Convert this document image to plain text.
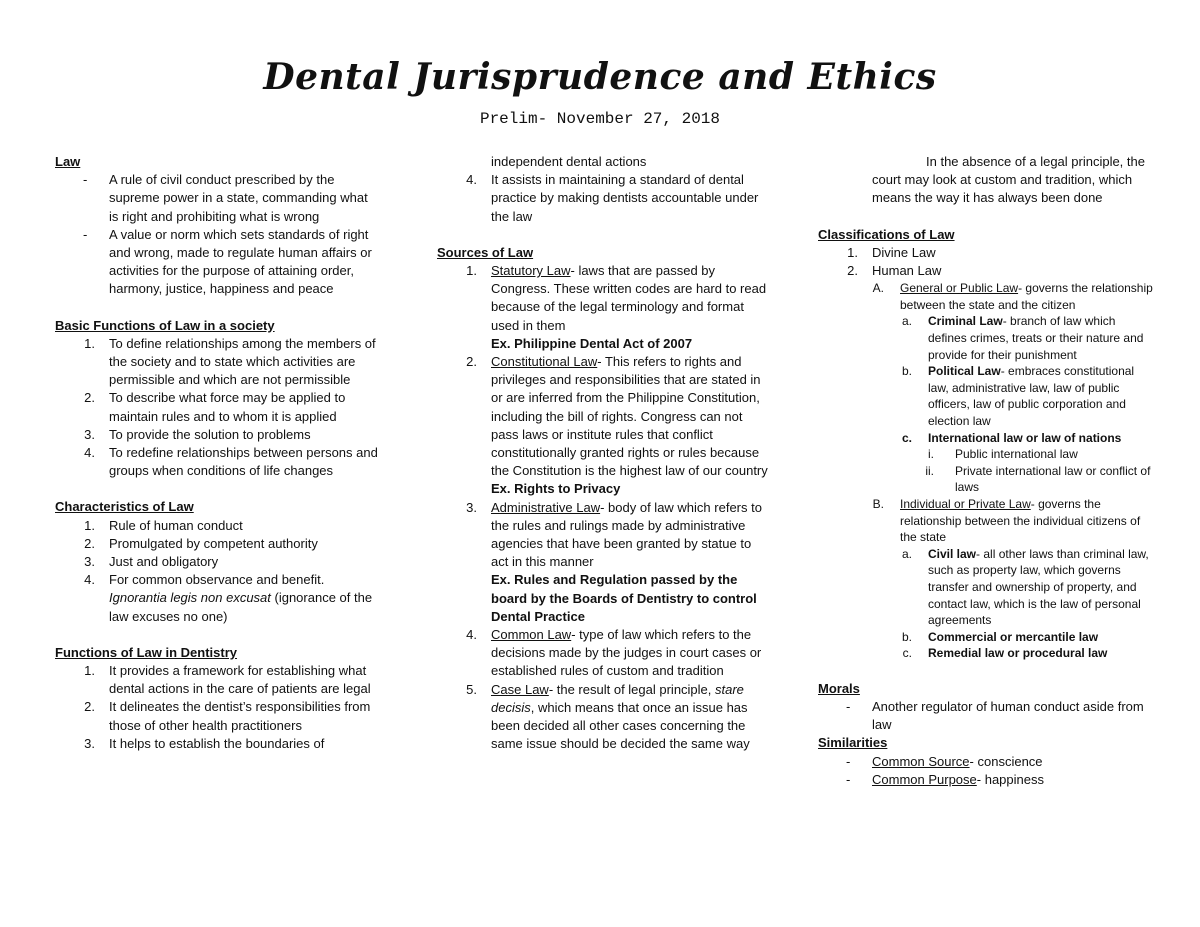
Dental Jurisprudence and Ethics
Prelim- November 27, 2018

Law

- A rule of civil conduct prescribed by the supreme power in a state, commanding what is right and prohibiting what is wrong
- A value or norm which sets standards of right and wrong, made to regulate human affairs or activities for the purpose of attaining order, harmony, justice, happiness and peace

Basic Functions of Law in a society

1. To define relationships among the members of the society and to state which activities are permissible and which are not permissible
2. To describe what force may be applied to maintain rules and to whom it is applied
3. To provide the solution to problems
4. To redefine relationships between persons and groups when conditions of life changes

Characteristics of Law

1. Rule of human conduct
2. Promulgated by competent authority
3. Just and obligatory
4. For common observance and benefit.
Ignorantia legis non excusat (ignorance of the law excuses no one)

Functions of Law in Dentistry

1. It provides a framework for establishing what dental actions in the care of patients are legal
2. It delineates the dentist’s responsibilities from those of other health practitioners
3. It helps to establish the boundaries of
independent dental actions
4. It assists in maintaining a standard of dental practice by making dentists accountable under the law

Sources of Law

1. Statutory Law- laws that are passed by Congress. These written codes are hard to read because of the legal terminology and format used in them
Ex. Philippine Dental Act of 2007
2. Constitutional Law- This refers to rights and privileges and responsibilities that are stated in or are inferred from the Philippine Constitution, including the bill of rights. Congress can not pass laws or institute rules that conflict constitutionally granted rights or rules because the Constitution is the highest law of our country
Ex. Rights to Privacy
3. Administrative Law- body of law which refers to the rules and rulings made by administrative agencies that have been granted by statue to act in this manner
Ex. Rules and Regulation passed by the board by the Boards of Dentistry to control Dental Practice
4. Common Law- type of law which refers to the decisions made by the judges in court cases or established rules of custom and tradition
5. Case Law- the result of legal principle, stare decisis, which means that once an issue has been decided all other cases concerning the same issue should be decided the same way

In the absence of a legal principle, the court may look at custom and tradition, which means the way it has always been done

Classifications of Law

1. Divine Law
2. Human Law
A. General or Public Law- governs the relationship between the state and the citizen
a. Criminal Law- branch of law which defines crimes, treats or their nature and provide for their punishment
b. Political Law- embraces constitutional law, administrative law, law of public officers, law of public corporation and election law
c. International law or law of nations
i. Public international law
ii. Private international law or conflict of laws
B. Individual or Private Law- governs the relationship between the individual citizens of the state
a. Civil law- all other laws than criminal law, such as property law, which governs transfer and ownership of property, and contact law, which is the law of personal agreements
b. Commercial or mercantile law
c. Remedial law or procedural law

Morals

- Another regulator of human conduct aside from law

Similarities

- Common Source- conscience
- Common Purpose- happiness
